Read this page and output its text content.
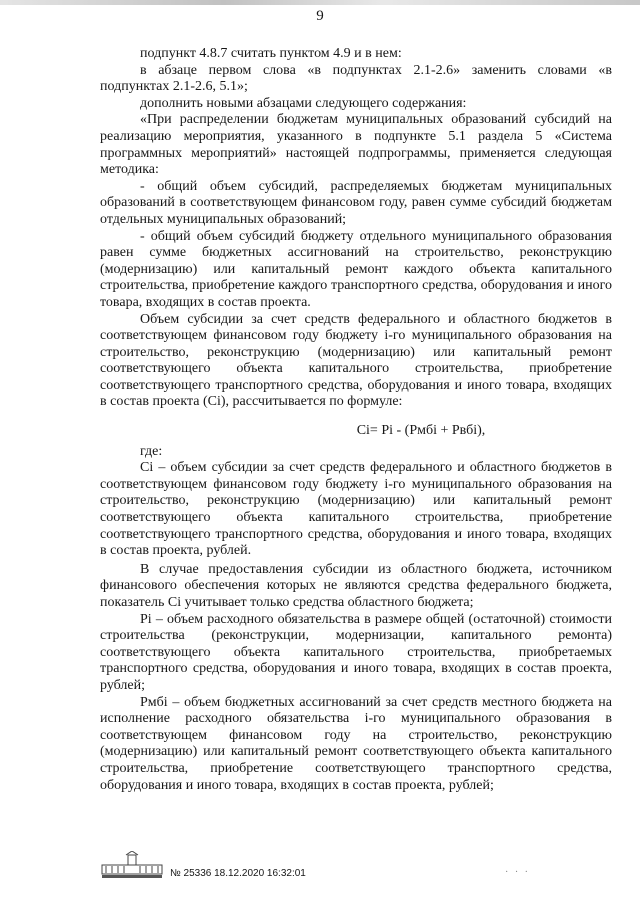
9

подпункт 4.8.7 считать пунктом 4.9 и в нем:

в абзаце первом слова «в подпунктах 2.1-2.6» заменить словами «в подпунктах 2.1-2.6, 5.1»;

дополнить новыми абзацами следующего содержания:

«При распределении бюджетам муниципальных образований субсидий на реализацию мероприятия, указанного в подпункте 5.1 раздела 5 «Система программных мероприятий» настоящей подпрограммы, применяется следующая методика:

- общий объем субсидий, распределяемых бюджетам муниципальных образований в соответствующем финансовом году, равен сумме субсидий бюджетам отдельных муниципальных образований;

- общий объем субсидий бюджету отдельного муниципального образования равен сумме бюджетных ассигнований на строительство, реконструкцию (модернизацию) или капитальный ремонт каждого объекта капитального строительства, приобретение каждого транспортного средства, оборудования и иного товара, входящих в состав проекта.

Объем субсидии за счет средств федерального и областного бюджетов в соответствующем финансовом году бюджету i-го муниципального образования на строительство, реконструкцию (модернизацию) или капитальный ремонт соответствующего объекта капитального строительства, приобретение соответствующего транспортного средства, оборудования и иного товара, входящих в состав проекта (Сi), рассчитывается по формуле:

Сi= Рi - (Рмбi + Рвбi),
где:

Сi – объем субсидии за счет средств федерального и областного бюджетов в соответствующем финансовом году бюджету i-го муниципального образования на строительство, реконструкцию (модернизацию) или капитальный ремонт соответствующего объекта капитального строительства, приобретение соответствующего транспортного средства, оборудования и иного товара, входящих в состав проекта, рублей.

В случае предоставления субсидии из областного бюджета, источником финансового обеспечения которых не являются средства федерального бюджета, показатель Сi учитывает только средства областного бюджета;

Рi – объем расходного обязательства в размере общей (остаточной) стоимости строительства (реконструкции, модернизации, капитального ремонта) соответствующего объекта капитального строительства, приобретаемых транспортного средства, оборудования и иного товара, входящих в состав проекта, рублей;

Рмбi – объем бюджетных ассигнований за счет средств местного бюджета на исполнение расходного обязательства i-го муниципального образования в соответствующем финансовом году на строительство, реконструкцию (модернизацию) или капитальный ремонт соответствующего объекта капитального строительства, приобретение соответствующего транспортного средства, оборудования и иного товара, входящих в состав проекта, рублей;

№ 25336 18.12.2020 16:32:01	· · ·
